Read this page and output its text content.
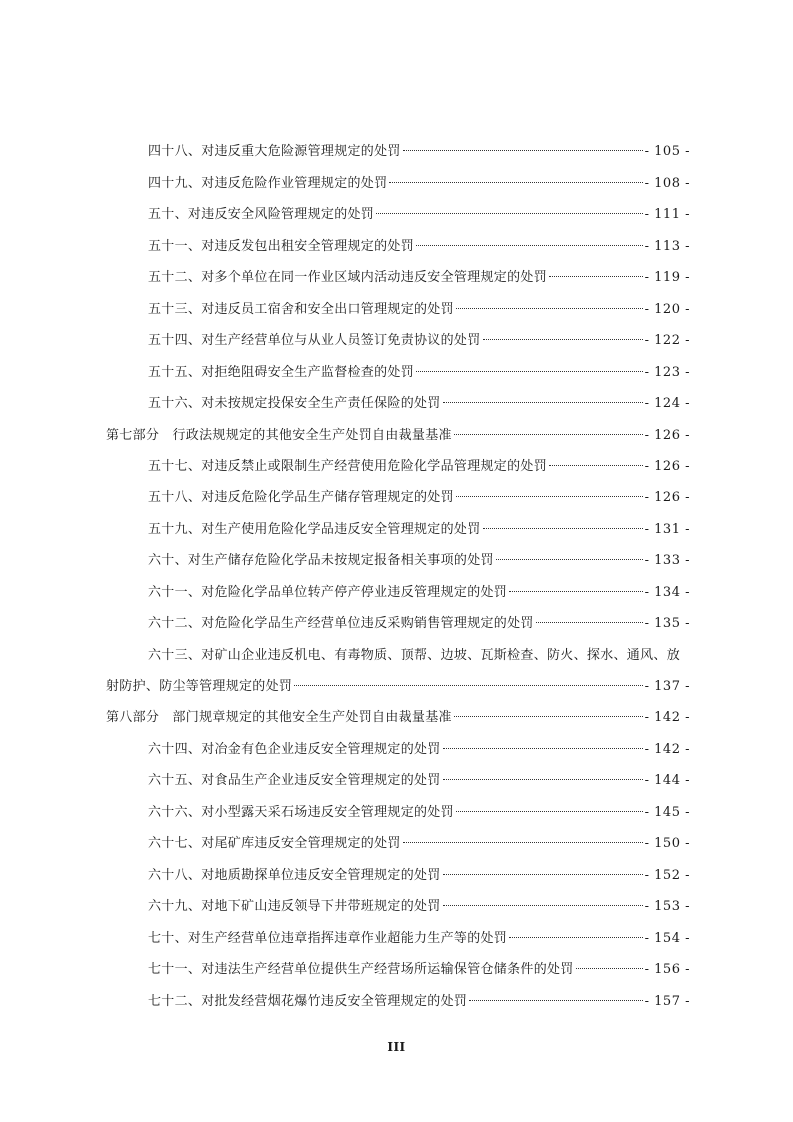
四十八、对违反重大危险源管理规定的处罚	- 105 -
四十九、对违反危险作业管理规定的处罚	- 108 -
五十、对违反安全风险管理规定的处罚	- 111 -
五十一、对违反发包出租安全管理规定的处罚	- 113 -
五十二、对多个单位在同一作业区域内活动违反安全管理规定的处罚	- 119 -
五十三、对违反员工宿舍和安全出口管理规定的处罚	- 120 -
五十四、对生产经营单位与从业人员签订免责协议的处罚	- 122 -
五十五、对拒绝阻碍安全生产监督检查的处罚	- 123 -
五十六、对未按规定投保安全生产责任保险的处罚	- 124 -
第七部分　行政法规规定的其他安全生产处罚自由裁量基准	- 126 -
五十七、对违反禁止或限制生产经营使用危险化学品管理规定的处罚	- 126 -
五十八、对违反危险化学品生产储存管理规定的处罚	- 126 -
五十九、对生产使用危险化学品违反安全管理规定的处罚	- 131 -
六十、对生产储存危险化学品未按规定报备相关事项的处罚	- 133 -
六十一、对危险化学品单位转产停产停业违反管理规定的处罚	- 134 -
六十二、对危险化学品生产经营单位违反采购销售管理规定的处罚	- 135 -
六十三、对矿山企业违反机电、有毒物质、顶帮、边坡、瓦斯检查、防火、探水、通风、放
射防护、防尘等管理规定的处罚	- 137 -
第八部分　部门规章规定的其他安全生产处罚自由裁量基准	- 142 -
六十四、对冶金有色企业违反安全管理规定的处罚	- 142 -
六十五、对食品生产企业违反安全管理规定的处罚	- 144 -
六十六、对小型露天采石场违反安全管理规定的处罚	- 145 -
六十七、对尾矿库违反安全管理规定的处罚	- 150 -
六十八、对地质勘探单位违反安全管理规定的处罚	- 152 -
六十九、对地下矿山违反领导下井带班规定的处罚	- 153 -
七十、对生产经营单位违章指挥违章作业超能力生产等的处罚	- 154 -
七十一、对违法生产经营单位提供生产经营场所运输保管仓储条件的处罚	- 156 -
七十二、对批发经营烟花爆竹违反安全管理规定的处罚	- 157 -
III
